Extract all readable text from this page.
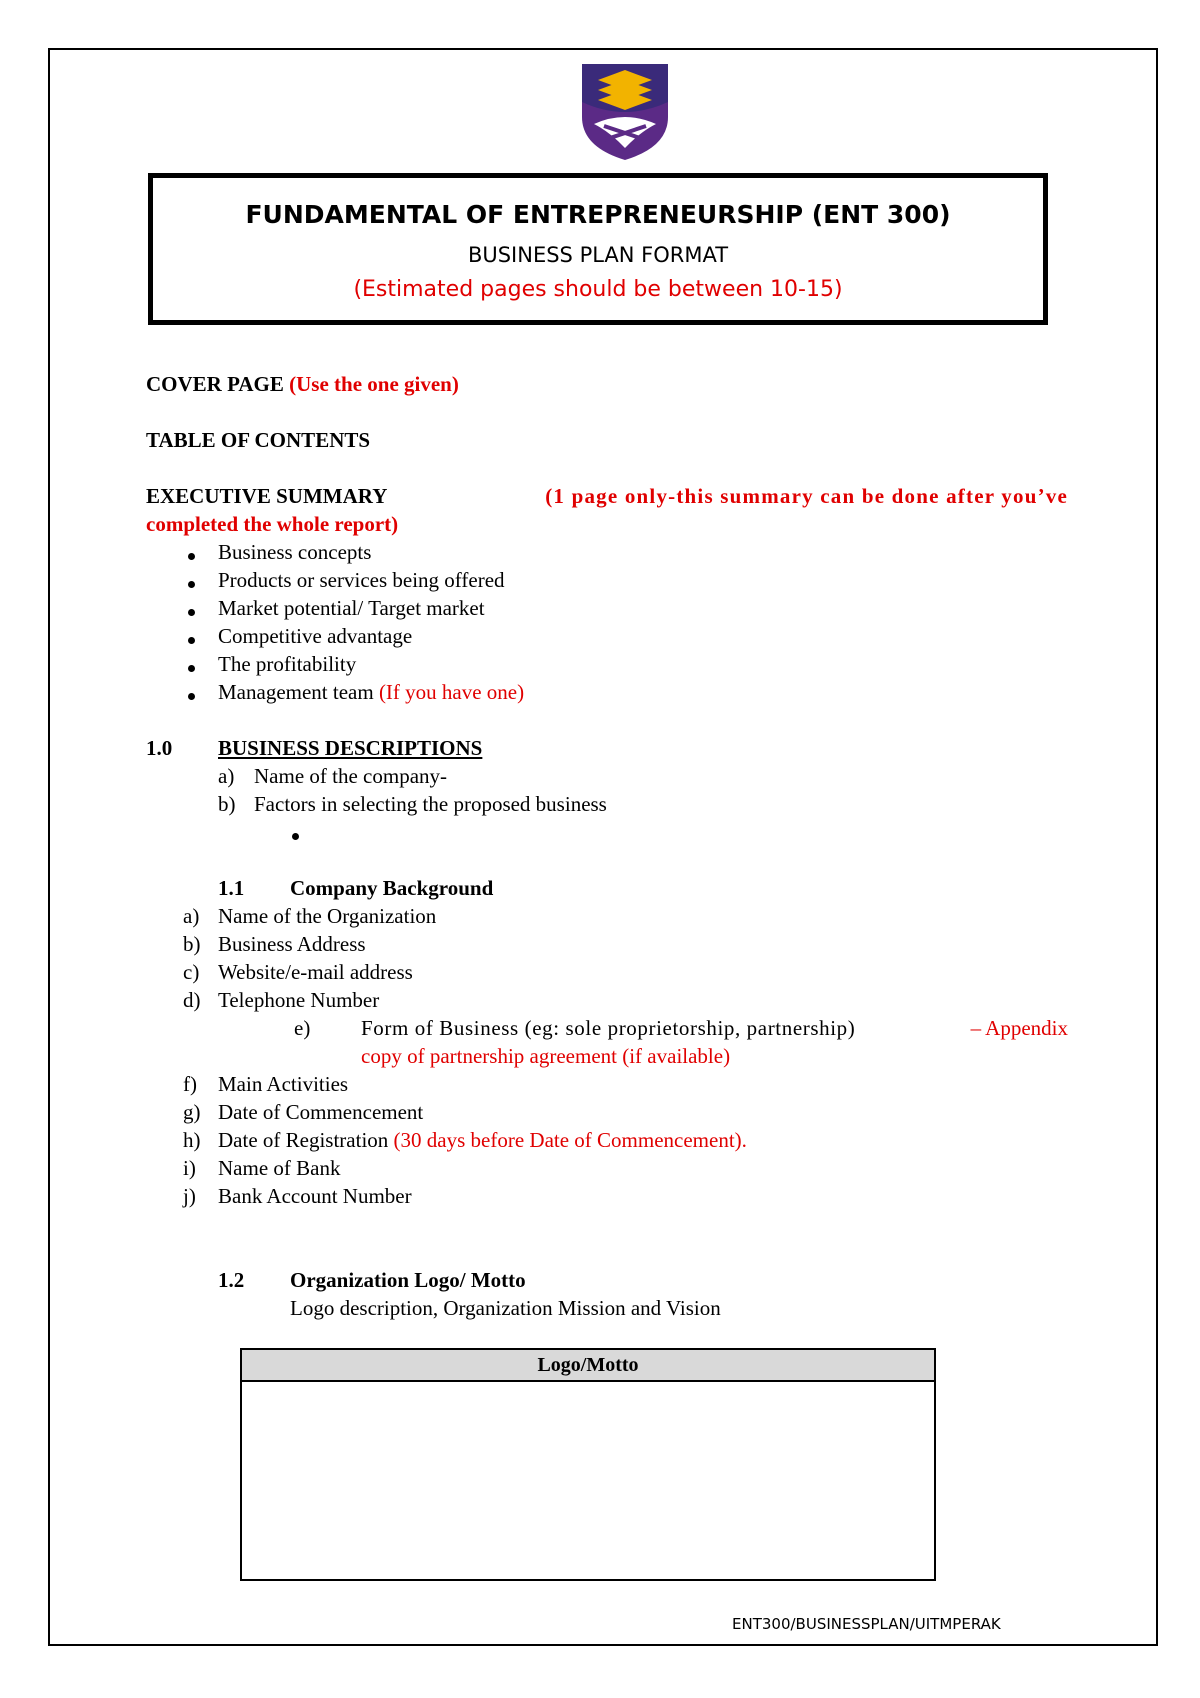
FUNDAMENTAL OF ENTREPRENEURSHIP (ENT 300)
BUSINESS PLAN FORMAT
(Estimated pages should be between 10-15)
COVER PAGE (Use the one given)
TABLE OF CONTENTS
EXECUTIVE SUMMARY	(1 page only-this summary can be done after you’ve
completed the whole report)
Business concepts
Products or services being offered
Market potential/ Target market
Competitive advantage
The profitability
Management team (If you have one)
1.0 BUSINESS DESCRIPTIONS
a) Name of the company-
b) Factors in selecting the proposed business
1.1 Company Background
a) Name of the Organization
b) Business Address
c) Website/e-mail address
d) Telephone Number
e) Form of Business (eg: sole proprietorship, partnership)	– Appendix
copy of partnership agreement (if available)
f) Main Activities
g) Date of Commencement
h) Date of Registration (30 days before Date of Commencement).
i) Name of Bank
j) Bank Account Number
1.2 Organization Logo/ Motto
Logo description, Organization Mission and Vision
Logo/Motto
ENT300/BUSINESSPLAN/UITMPERAK
